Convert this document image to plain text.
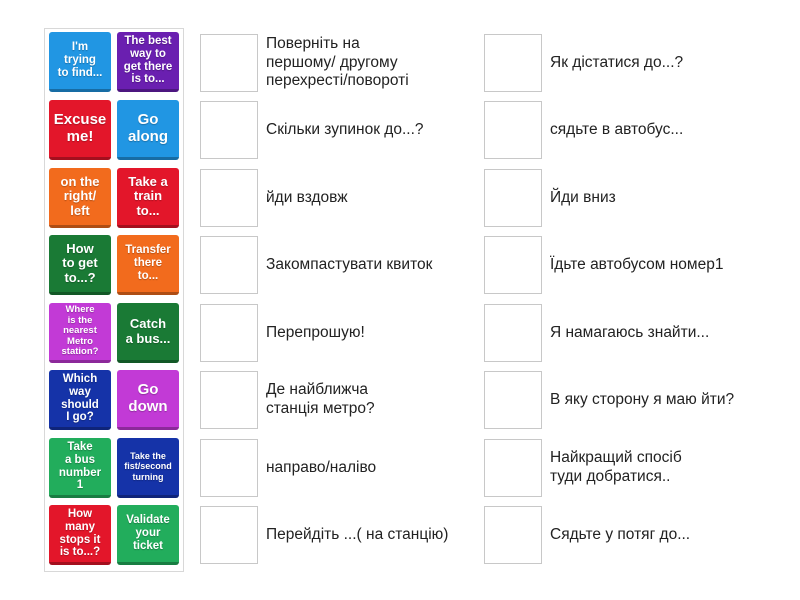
I'm
trying
to find...
The best
way to
get there
is to...
Excuse
me!
Go
along
on the
right/
left
Take a
train
to...
How
to get
to...?
Transfer
there
to...
Where
is the
nearest
Metro
station?
Catch
a bus...
Which
way
should
I go?
Go
down
Take
a bus
number
1
Take the
fist/second
turning
How
many
stops it
is to...?
Validate
your
ticket
Поверніть на
першому/ другому
перехресті/повороті
Скільки зупинок до...?
йди вздовж
Закомпастувати квиток
Перепрошую!
Де найближча
станція метро?
направо/наліво
Перейдіть ...( на станцію)
Як дістатися до...?
сядьте в автобус...
Йди вниз
Їдьте автобусом номер1
Я намагаюсь знайти...
В яку сторону я маю йти?
Найкращий спосіб
туди добратися..
Сядьте у потяг до...
